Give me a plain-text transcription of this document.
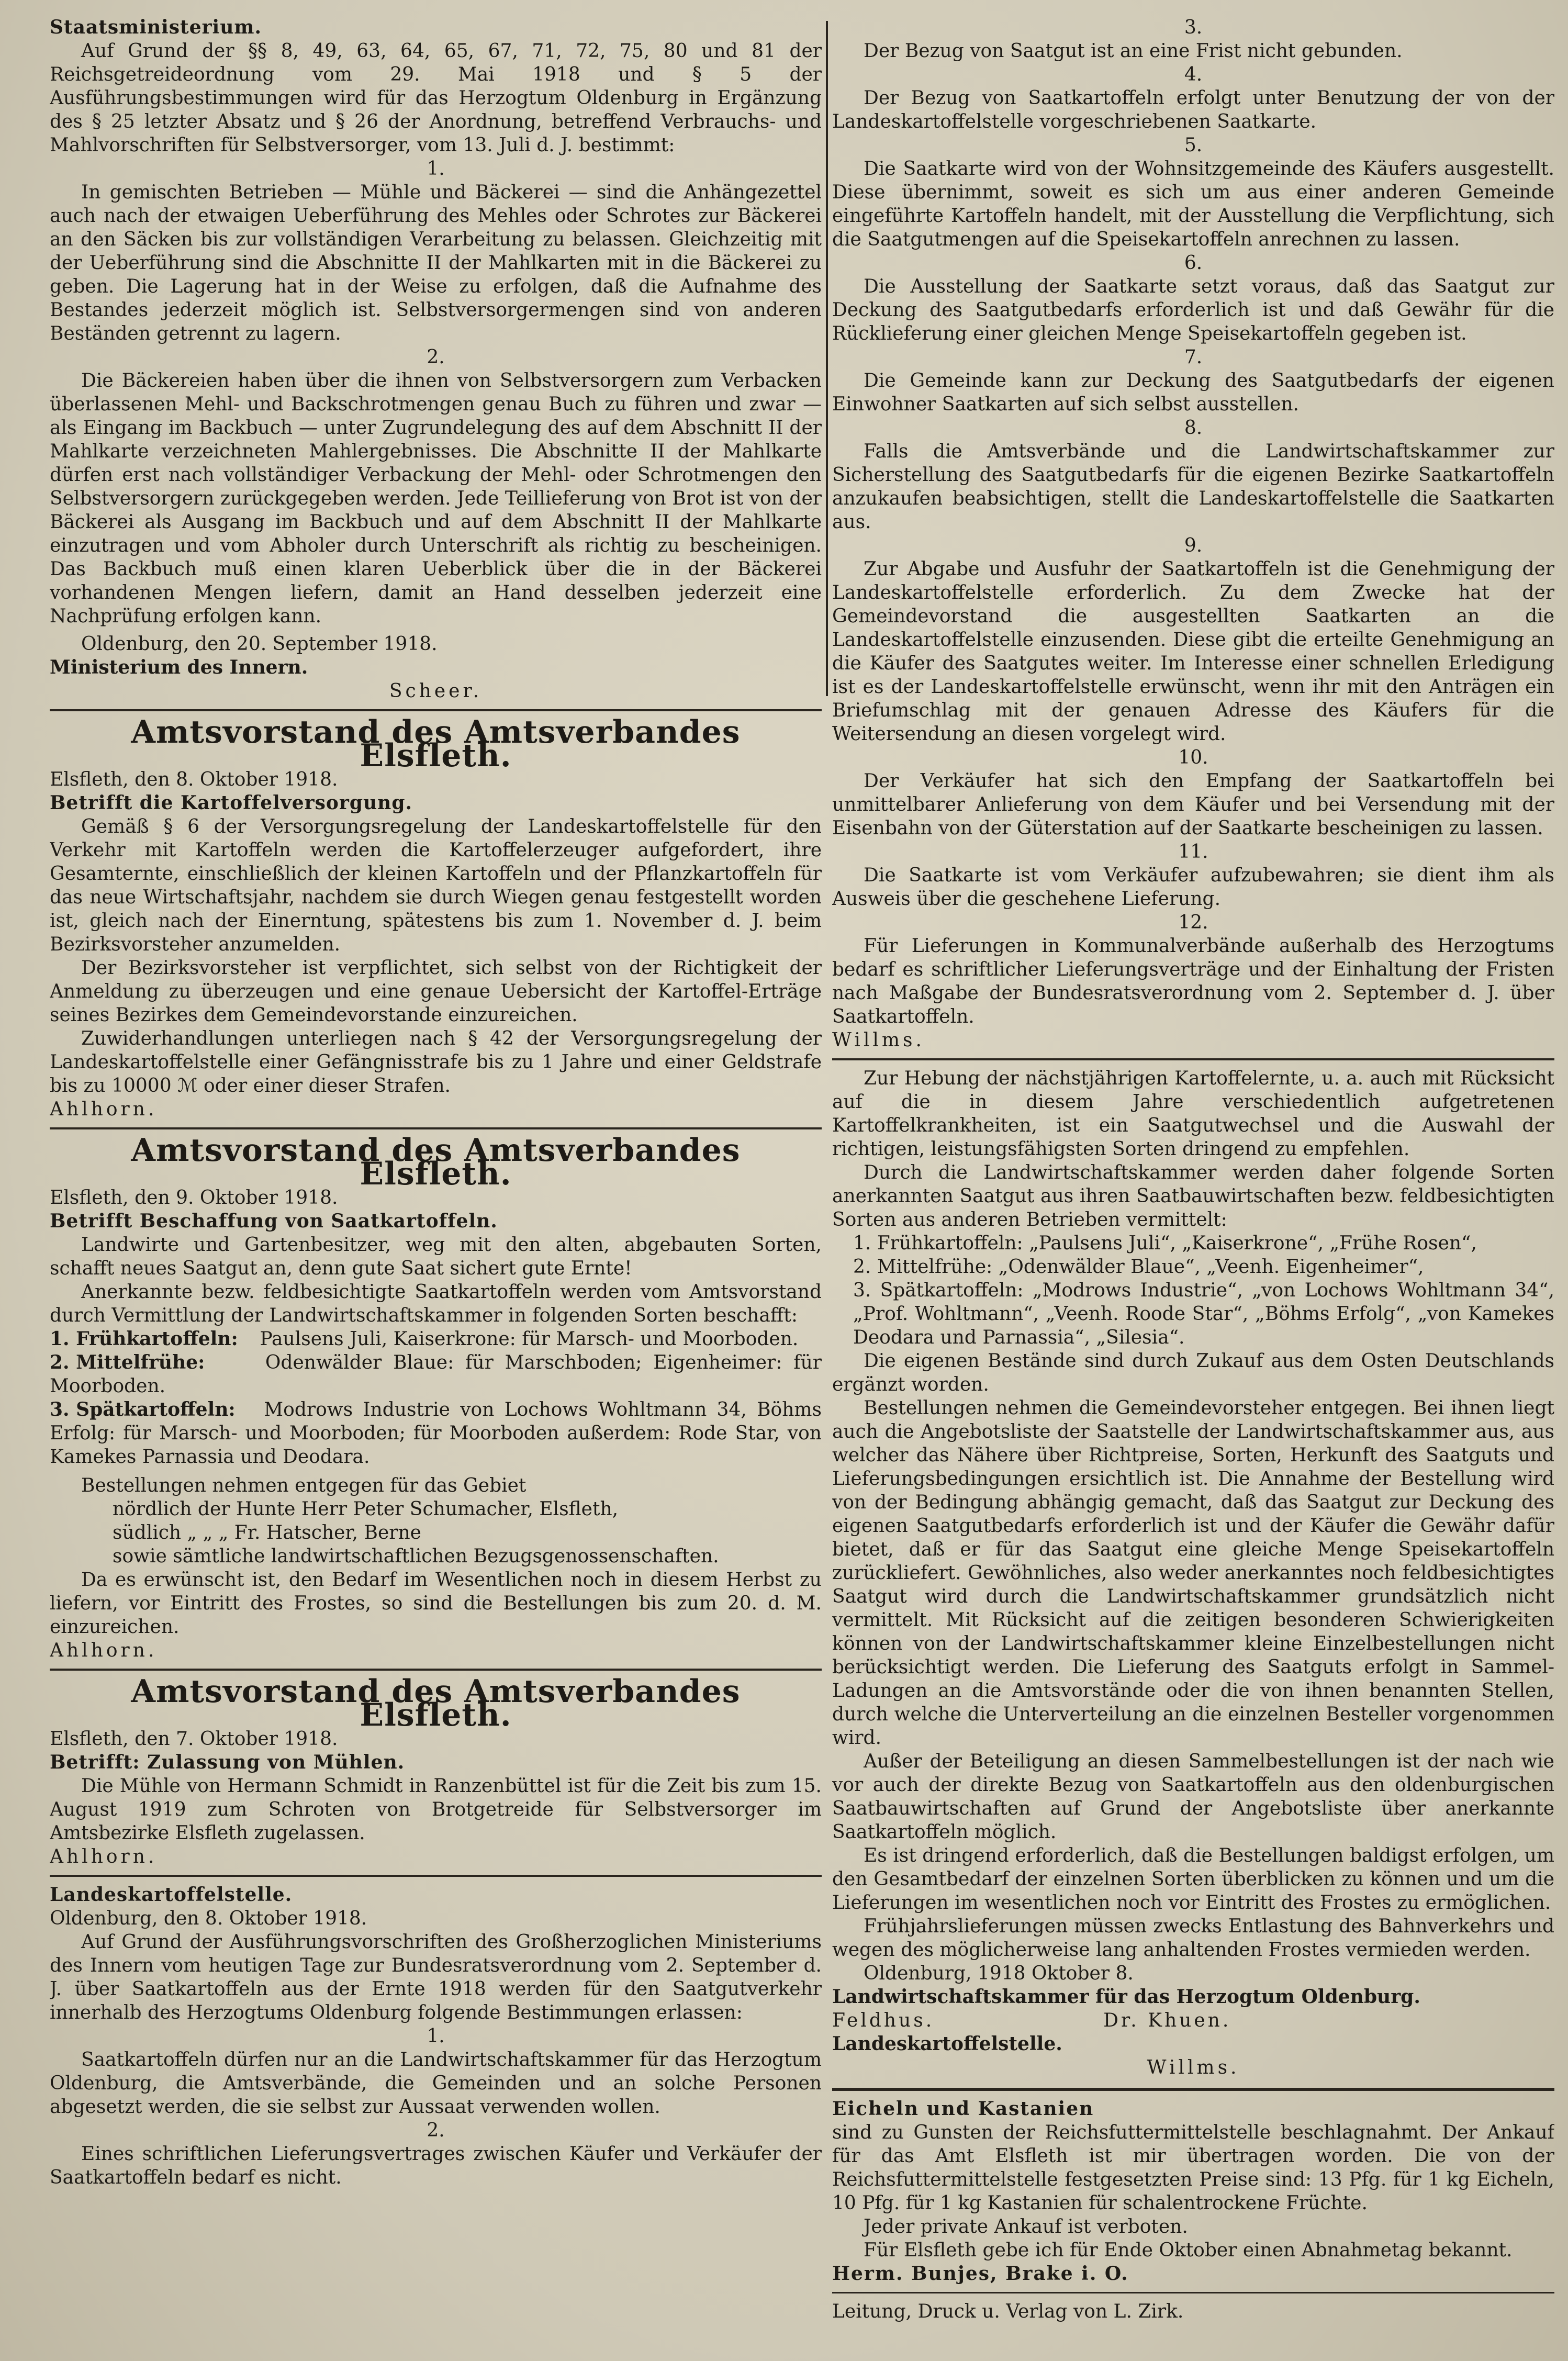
Staatsministerium.

Auf Grund der §§ 8, 49, 63, 64, 65, 67, 71, 72, 75, 80 und 81 der Reichsgetreideordnung vom 29. Mai 1918 und § 5 der Ausführungsbestimmungen wird für das Herzogtum Oldenburg in Ergänzung des § 25 letzter Absatz und § 26 der Anordnung, betreffend Verbrauchs- und Mahlvorschriften für Selbstversorger, vom 13. Juli d. J. bestimmt:

1.

In gemischten Betrieben — Mühle und Bäckerei — sind die Anhängezettel auch nach der etwaigen Ueberführung des Mehles oder Schrotes zur Bäckerei an den Säcken bis zur vollständigen Verarbeitung zu belassen. Gleichzeitig mit der Ueberführung sind die Abschnitte II der Mahlkarten mit in die Bäckerei zu geben. Die Lagerung hat in der Weise zu erfolgen, daß die Aufnahme des Bestandes jederzeit möglich ist. Selbstversorgermengen sind von anderen Beständen getrennt zu lagern.

2.

Die Bäckereien haben über die ihnen von Selbstversorgern zum Verbacken überlassenen Mehl- und Backschrotmengen genau Buch zu führen und zwar — als Eingang im Backbuch — unter Zugrundelegung des auf dem Abschnitt II der Mahlkarte verzeichneten Mahlergebnisses. Die Abschnitte II der Mahlkarte dürfen erst nach vollständiger Verbackung der Mehl- oder Schrotmengen den Selbstversorgern zurückgegeben werden. Jede Teillieferung von Brot ist von der Bäckerei als Ausgang im Backbuch und auf dem Abschnitt II der Mahlkarte einzutragen und vom Abholer durch Unterschrift als richtig zu bescheinigen. Das Backbuch muß einen klaren Ueberblick über die in der Bäckerei vorhandenen Mengen liefern, damit an Hand desselben jederzeit eine Nachprüfung erfolgen kann.

Oldenburg, den 20. September 1918.

Ministerium des Innern.

Scheer.

Amtsvorstand des Amtsverbandes Elsfleth.

Elsfleth, den 8. Oktober 1918.

Betrifft die Kartoffelversorgung.

Gemäß § 6 der Versorgungsregelung der Landeskartoffelstelle für den Verkehr mit Kartoffeln werden die Kartoffelerzeuger aufgefordert, ihre Gesamternte, einschließlich der kleinen Kartoffeln und der Pflanzkartoffeln für das neue Wirtschaftsjahr, nachdem sie durch Wiegen genau festgestellt worden ist, gleich nach der Einerntung, spätestens bis zum 1. November d. J. beim Bezirksvorsteher anzumelden.

Der Bezirksvorsteher ist verpflichtet, sich selbst von der Richtigkeit der Anmeldung zu überzeugen und eine genaue Uebersicht der Kartoffel-Erträge seines Bezirkes dem Gemeindevorstande einzureichen.

Zuwiderhandlungen unterliegen nach § 42 der Versorgungsregelung der Landeskartoffelstelle einer Gefängnisstrafe bis zu 1 Jahre und einer Geldstrafe bis zu 10000 ℳ oder einer dieser Strafen.

Ahlhorn.

Amtsvorstand des Amtsverbandes Elsfleth.

Elsfleth, den 9. Oktober 1918.

Betrifft Beschaffung von Saatkartoffeln.

Landwirte und Gartenbesitzer, weg mit den alten, abgebauten Sorten, schafft neues Saatgut an, denn gute Saat sichert gute Ernte!

Anerkannte bezw. feldbesichtigte Saatkartoffeln werden vom Amtsvorstand durch Vermittlung der Landwirtschaftskammer in folgenden Sorten beschafft:

1. Frühkartoffeln: Paulsens Juli, Kaiserkrone: für Marsch- und Moorboden.

2. Mittelfrühe:	Odenwälder Blaue: für Marschboden; Eigenheimer: für Moorboden.

3. Spätkartoffeln: Modrows Industrie von Lochows Wohltmann 34, Böhms Erfolg: für Marsch- und Moorboden; für Moorboden außerdem: Rode Star, von Kamekes Parnassia und Deodara.

Bestellungen nehmen entgegen für das Gebiet

nördlich der Hunte Herr Peter Schumacher, Elsfleth,

südlich „ „ „ Fr. Hatscher, Berne

sowie sämtliche landwirtschaftlichen Bezugsgenossenschaften.

Da es erwünscht ist, den Bedarf im Wesentlichen noch in diesem Herbst zu liefern, vor Eintritt des Frostes, so sind die Bestellungen bis zum 20. d. M. einzureichen.

Ahlhorn.

Amtsvorstand des Amtsverbandes Elsfleth.

Elsfleth, den 7. Oktober 1918.

Betrifft: Zulassung von Mühlen.

Die Mühle von Hermann Schmidt in Ranzenbüttel ist für die Zeit bis zum 15. August 1919 zum Schroten von Brotgetreide für Selbstversorger im Amtsbezirke Elsfleth zugelassen.

Ahlhorn.

Landeskartoffelstelle.

Oldenburg, den 8. Oktober 1918.

Auf Grund der Ausführungsvorschriften des Großherzoglichen Ministeriums des Innern vom heutigen Tage zur Bundesratsverordnung vom 2. September d. J. über Saatkartoffeln aus der Ernte 1918 werden für den Saatgutverkehr innerhalb des Herzogtums Oldenburg folgende Bestimmungen erlassen:

1.

Saatkartoffeln dürfen nur an die Landwirtschaftskammer für das Herzogtum Oldenburg, die Amtsverbände, die Gemeinden und an solche Personen abgesetzt werden, die sie selbst zur Aussaat verwenden wollen.

2.

Eines schriftlichen Lieferungsvertrages zwischen Käufer und Verkäufer der Saatkartoffeln bedarf es nicht.

3.

Der Bezug von Saatgut ist an eine Frist nicht gebunden.

4.

Der Bezug von Saatkartoffeln erfolgt unter Benutzung der von der Landeskartoffelstelle vorgeschriebenen Saatkarte.

5.

Die Saatkarte wird von der Wohnsitzgemeinde des Käufers ausgestellt. Diese übernimmt, soweit es sich um aus einer anderen Gemeinde eingeführte Kartoffeln handelt, mit der Ausstellung die Verpflichtung, sich die Saatgutmengen auf die Speisekartoffeln anrechnen zu lassen.

6.

Die Ausstellung der Saatkarte setzt voraus, daß das Saatgut zur Deckung des Saatgutbedarfs erforderlich ist und daß Gewähr für die Rücklieferung einer gleichen Menge Speisekartoffeln gegeben ist.

7.

Die Gemeinde kann zur Deckung des Saatgutbedarfs der eigenen Einwohner Saatkarten auf sich selbst ausstellen.

8.

Falls die Amtsverbände und die Landwirtschaftskammer zur Sicherstellung des Saatgutbedarfs für die eigenen Bezirke Saatkartoffeln anzukaufen beabsichtigen, stellt die Landeskartoffelstelle die Saatkarten aus.

9.

Zur Abgabe und Ausfuhr der Saatkartoffeln ist die Genehmigung der Landeskartoffelstelle erforderlich. Zu dem Zwecke hat der Gemeindevorstand die ausgestellten Saatkarten an die Landeskartoffelstelle einzusenden. Diese gibt die erteilte Genehmigung an die Käufer des Saatgutes weiter. Im Interesse einer schnellen Erledigung ist es der Landeskartoffelstelle erwünscht, wenn ihr mit den Anträgen ein Briefumschlag mit der genauen Adresse des Käufers für die Weitersendung an diesen vorgelegt wird.

10.

Der Verkäufer hat sich den Empfang der Saatkartoffeln bei unmittelbarer Anlieferung von dem Käufer und bei Versendung mit der Eisenbahn von der Güterstation auf der Saatkarte bescheinigen zu lassen.

11.

Die Saatkarte ist vom Verkäufer aufzubewahren; sie dient ihm als Ausweis über die geschehene Lieferung.

12.

Für Lieferungen in Kommunalverbände außerhalb des Herzogtums bedarf es schriftlicher Lieferungsverträge und der Einhaltung der Fristen nach Maßgabe der Bundesratsverordnung vom 2. September d. J. über Saatkartoffeln.

Willms.

Zur Hebung der nächstjährigen Kartoffelernte, u. a. auch mit Rücksicht auf die in diesem Jahre verschiedentlich aufgetretenen Kartoffelkrankheiten, ist ein Saatgutwechsel und die Auswahl der richtigen, leistungsfähigsten Sorten dringend zu empfehlen.

Durch die Landwirtschaftskammer werden daher folgende Sorten anerkannten Saatgut aus ihren Saatbauwirtschaften bezw. feldbesichtigten Sorten aus anderen Betrieben vermittelt:

1. Frühkartoffeln: „Paulsens Juli“, „Kaiserkrone“, „Frühe Rosen“,

2. Mittelfrühe: „Odenwälder Blaue“, „Veenh. Eigenheimer“,

3. Spätkartoffeln: „Modrows Industrie“, „von Lochows Wohltmann 34“, „Prof. Wohltmann“, „Veenh. Roode Star“, „Böhms Erfolg“, „von Kamekes Deodara und Parnassia“, „Silesia“.

Die eigenen Bestände sind durch Zukauf aus dem Osten Deutschlands ergänzt worden.

Bestellungen nehmen die Gemeindevorsteher entgegen. Bei ihnen liegt auch die Angebotsliste der Saatstelle der Landwirtschaftskammer aus, aus welcher das Nähere über Richtpreise, Sorten, Herkunft des Saatguts und Lieferungsbedingungen ersichtlich ist. Die Annahme der Bestellung wird von der Bedingung abhängig gemacht, daß das Saatgut zur Deckung des eigenen Saatgutbedarfs erforderlich ist und der Käufer die Gewähr dafür bietet, daß er für das Saatgut eine gleiche Menge Speisekartoffeln zurückliefert. Gewöhnliches, also weder anerkanntes noch feldbesichtigtes Saatgut wird durch die Landwirtschaftskammer grundsätzlich nicht vermittelt. Mit Rücksicht auf die zeitigen besonderen Schwierigkeiten können von der Landwirtschaftskammer kleine Einzelbestellungen nicht berücksichtigt werden. Die Lieferung des Saatguts erfolgt in Sammel-Ladungen an die Amtsvorstände oder die von ihnen benannten Stellen, durch welche die Unterverteilung an die einzelnen Besteller vorgenommen wird.

Außer der Beteiligung an diesen Sammelbestellungen ist der nach wie vor auch der direkte Bezug von Saatkartoffeln aus den oldenburgischen Saatbauwirtschaften auf Grund der Angebotsliste über anerkannte Saatkartoffeln möglich.

Es ist dringend erforderlich, daß die Bestellungen baldigst erfolgen, um den Gesamtbedarf der einzelnen Sorten überblicken zu können und um die Lieferungen im wesentlichen noch vor Eintritt des Frostes zu ermöglichen.

Frühjahrslieferungen müssen zwecks Entlastung des Bahnverkehrs und wegen des möglicherweise lang anhaltenden Frostes vermieden werden.

Oldenburg, 1918 Oktober 8.

Landwirtschaftskammer für das Herzogtum Oldenburg.

Feldhus.	Dr. Khuen.

Landeskartoffelstelle.

Willms.

Eicheln und Kastanien

sind zu Gunsten der Reichsfuttermittelstelle beschlagnahmt. Der Ankauf für das Amt Elsfleth ist mir übertragen worden. Die von der Reichsfuttermittelstelle festgesetzten Preise sind: 13 Pfg. für 1 kg Eicheln, 10 Pfg. für 1 kg Kastanien für schalentrockene Früchte.

Jeder private Ankauf ist verboten.

Für Elsfleth gebe ich für Ende Oktober einen Abnahmetag bekannt.

Herm. Bunjes, Brake i. O.

Leitung, Druck u. Verlag von L. Zirk.
